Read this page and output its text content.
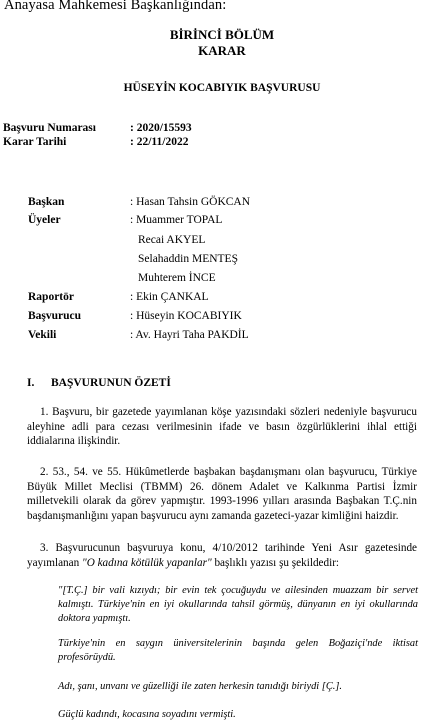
Anayasa Mahkemesi Başkanlığından:
BİRİNCİ BÖLÜM
KARAR
HÜSEYİN KOCABIYIK BAŞVURUSU
Başvuru Numarası	: 2020/15593
Karar Tarihi	: 22/11/2022
Başkan	: Hasan Tahsin GÖKCAN
Üyeler	: Muammer TOPAL
Recai AKYEL
Selahaddin MENTEŞ
Muhterem İNCE
Raportör	: Ekin ÇANKAL
Başvurucu	: Hüseyin KOCABIYIK
Vekili	: Av. Hayri Taha PAKDİL
I. BAŞVURUNUN ÖZETİ
1. Başvuru, bir gazetede yayımlanan köşe yazısındaki sözleri nedeniyle başvurucu aleyhine adli para cezası verilmesinin ifade ve basın özgürlüklerini ihlal ettiği iddialarına ilişkindir.
2. 53., 54. ve 55. Hükûmetlerde başbakan başdanışmanı olan başvurucu, Türkiye Büyük Millet Meclisi (TBMM) 26. dönem Adalet ve Kalkınma Partisi İzmir milletvekili olarak da görev yapmıştır. 1993-1996 yılları arasında Başbakan T.Ç.nin başdanışmanlığını yapan başvurucu aynı zamanda gazeteci-yazar kimliğini haizdir.
3. Başvurucunun başvuruya konu, 4/10/2012 tarihinde Yeni Asır gazetesinde yayımlanan "O kadına kötülük yapanlar" başlıklı yazısı şu şekildedir:
"[T.Ç.] bir vali kızıydı; bir evin tek çocuğuydu ve ailesinden muazzam bir servet kalmıştı. Türkiye'nin en iyi okullarında tahsil görmüş, dünyanın en iyi okullarında doktora yapmıştı.
Türkiye'nin en saygın üniversitelerinin başında gelen Boğaziçi'nde iktisat profesörüydü.
Adı, şanı, unvanı ve güzelliği ile zaten herkesin tanıdığı biriydi [Ç.].
Güçlü kadındı, kocasına soyadını vermişti.
